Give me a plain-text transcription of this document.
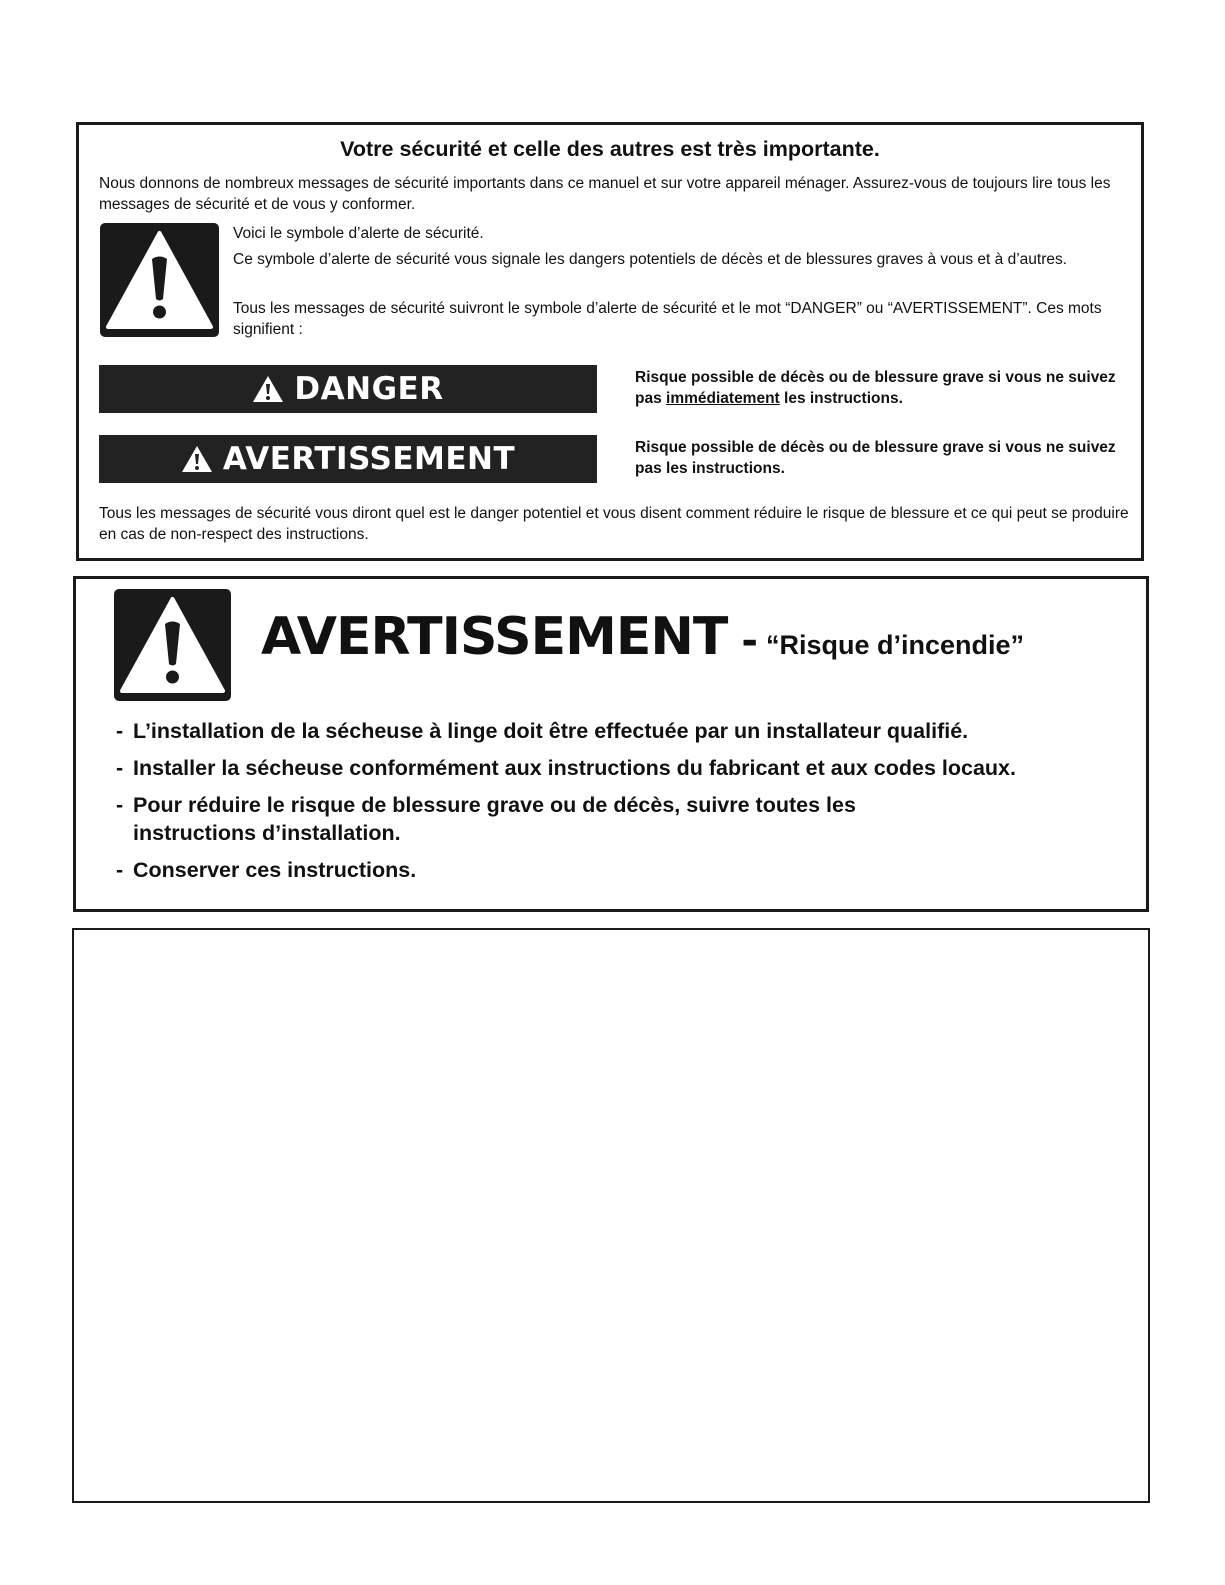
Votre sécurité et celle des autres est très importante.
Nous donnons de nombreux messages de sécurité importants dans ce manuel et sur votre appareil ménager. Assurez-vous de toujours lire tous les messages de sécurité et de vous y conformer.
Voici le symbole d’alerte de sécurité.
Ce symbole d’alerte de sécurité vous signale les dangers potentiels de décès et de blessures graves à vous et à d’autres.
Tous les messages de sécurité suivront le symbole d’alerte de sécurité et le mot “DANGER” ou “AVERTISSEMENT”. Ces mots signifient :
DANGER	Risque possible de décès ou de blessure grave si vous ne suivez pas immédiatement les instructions.
AVERTISSEMENT	Risque possible de décès ou de blessure grave si vous ne suivez pas les instructions.
Tous les messages de sécurité vous diront quel est le danger potentiel et vous disent comment réduire le risque de blessure et ce qui peut se produire en cas de non-respect des instructions.
AVERTISSEMENT - “Risque d’incendie”
- L’installation de la sécheuse à linge doit être effectuée par un installateur qualifié.
- Installer la sécheuse conformément aux instructions du fabricant et aux codes locaux.
- Pour réduire le risque de blessure grave ou de décès, suivre toutes les instructions d’installation.
- Conserver ces instructions.
